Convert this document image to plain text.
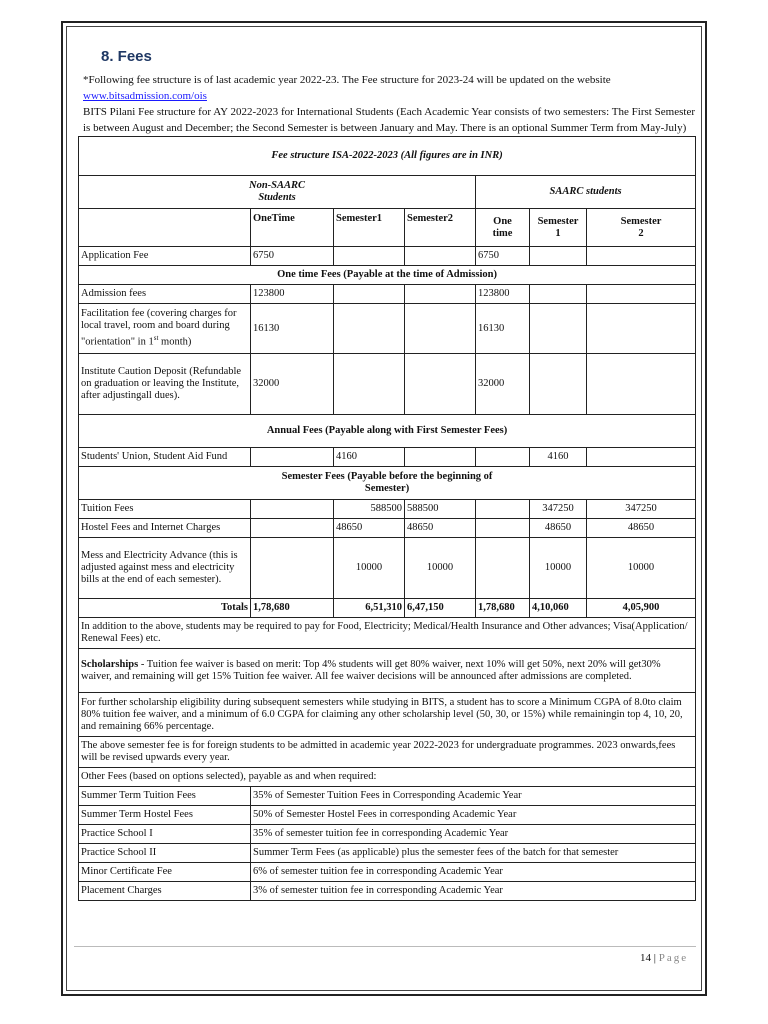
8. Fees

*Following fee structure is of last academic year 2022-23. The Fee structure for 2023-24 will be updated on the website

www.bitsadmission.com/ois

BITS Pilani Fee structure for AY 2022-2023 for International Students (Each Academic Year consists of two semesters: The First Semester is between August and December; the Second Semester is between January and May. There is an optional Summer Term from May-July)

Fee structure ISA-2022-2023 (All figures are in INR)						
Non-SAARC Students				SAARC students		
	OneTime	Semester1	Semester2	One time	Semester 1	Semester 2
Application Fee	6750			6750		
One time Fees (Payable at the time of Admission)						
Admission fees	123800			123800		
Facilitation fee (covering charges for local travel, room and board during "orientation" in 1st month)	16130			16130		
Institute Caution Deposit (Refundable on graduation or leaving the Institute, after adjustingall dues).	32000			32000		
Annual Fees (Payable along with First Semester Fees)						
Students' Union, Student Aid Fund		4160			4160	
Semester Fees (Payable before the beginning of Semester)						
Tuition Fees		588500	588500		347250	347250
Hostel Fees and Internet Charges		48650	48650		48650	48650
Mess and Electricity Advance (this is adjusted against mess and electricity bills at the end of each semester).		10000	10000		10000	10000
Totals	1,78,680	6,51,310	6,47,150	1,78,680	4,10,060	4,05,900
In addition to the above, students may be required to pay for Food, Electricity; Medical/Health Insurance and Other advances; Visa(Application/ Renewal Fees) etc.						
Scholarships - Tuition fee waiver is based on merit: Top 4% students will get 80% waiver, next 10% will get 50%, next 20% will get30% waiver, and remaining will get 15% Tuition fee waiver. All fee waiver decisions will be announced after admissions are completed.						
For further scholarship eligibility during subsequent semesters while studying in BITS, a student has to score a Minimum CGPA of 8.0to claim 80% tuition fee waiver, and a minimum of 6.0 CGPA for claiming any other scholarship level (50, 30, or 15%) while remainingin top 4, 10, 20, and remaining 66% percentage.						
The above semester fee is for foreign students to be admitted in academic year 2022-2023 for undergraduate programmes. 2023 onwards,fees will be revised upwards every year.						
Other Fees (based on options selected), payable as and when required:						
Summer Term Tuition Fees	35% of Semester Tuition Fees in Corresponding Academic Year					
Summer Term Hostel Fees	50% of Semester Hostel Fees in corresponding Academic Year					
Practice School I	35% of semester tuition fee in corresponding Academic Year					
Practice School II	Summer Term Fees (as applicable) plus the semester fees of the batch for that semester					
Minor Certificate Fee	6% of semester tuition fee in corresponding Academic Year					
Placement Charges	3% of semester tuition fee in corresponding Academic Year					
14 | Page
